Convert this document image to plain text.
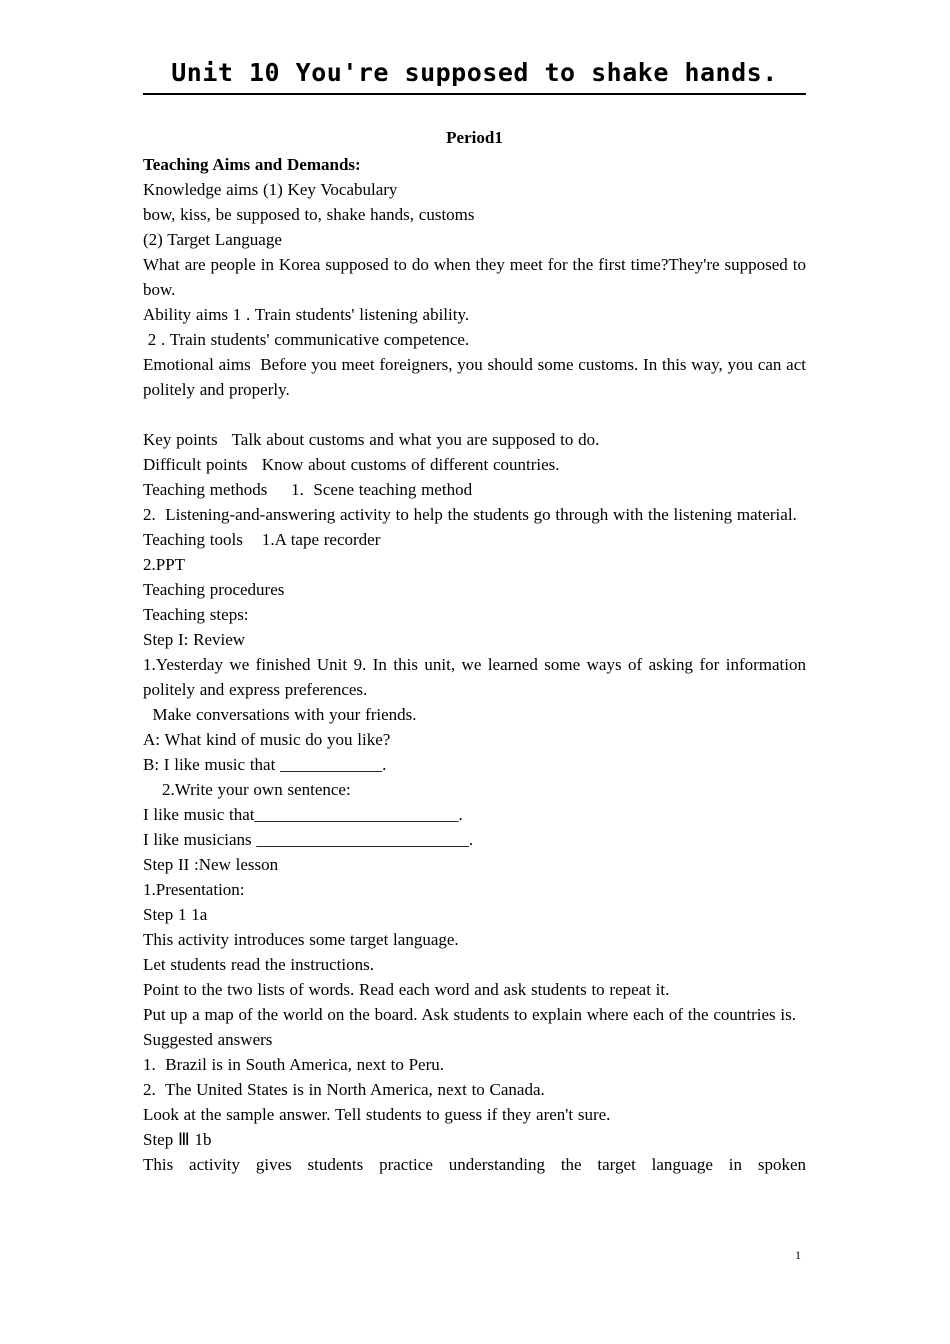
Unit 10 You're supposed to shake hands.
Period1

Teaching Aims and Demands:

Knowledge aims (1) Key Vocabulary

bow, kiss, be supposed to, shake hands, customs

(2) Target Language

What are people in Korea supposed to do when they meet for the first time?They're supposed to bow.

Ability aims 1 . Train students' listening ability.

2 . Train students' communicative competence.

Emotional aims  Before you meet foreigners, you should some customs. In this way, you can act politely and properly.

Key points   Talk about customs and what you are supposed to do.

Difficult points   Know about customs of different countries.

Teaching methods     1.  Scene teaching method

2.  Listening-and-answering activity to help the students go through with the listening material.

Teaching tools    1.A tape recorder

2.PPT

Teaching procedures

Teaching steps:

Step I: Review

1.Yesterday we finished Unit 9. In this unit, we learned some ways of asking for information politely and express preferences.

Make conversations with your friends.

A: What kind of music do you like?

B: I like music that ____________.

2.Write your own sentence:

I like music that________________________.

I like musicians _________________________.

Step II :New lesson

1.Presentation:

Step 1 1a

This activity introduces some target language.

Let students read the instructions.

Point to the two lists of words. Read each word and ask students to repeat it.

Put up a map of the world on the board. Ask students to explain where each of the countries is.

Suggested answers

1.  Brazil is in South America, next to Peru.

2.  The United States is in North America, next to Canada.

Look at the sample answer. Tell students to guess if they aren't sure.

Step Ⅲ 1b

This activity gives students practice understanding the target language in spoken

1
